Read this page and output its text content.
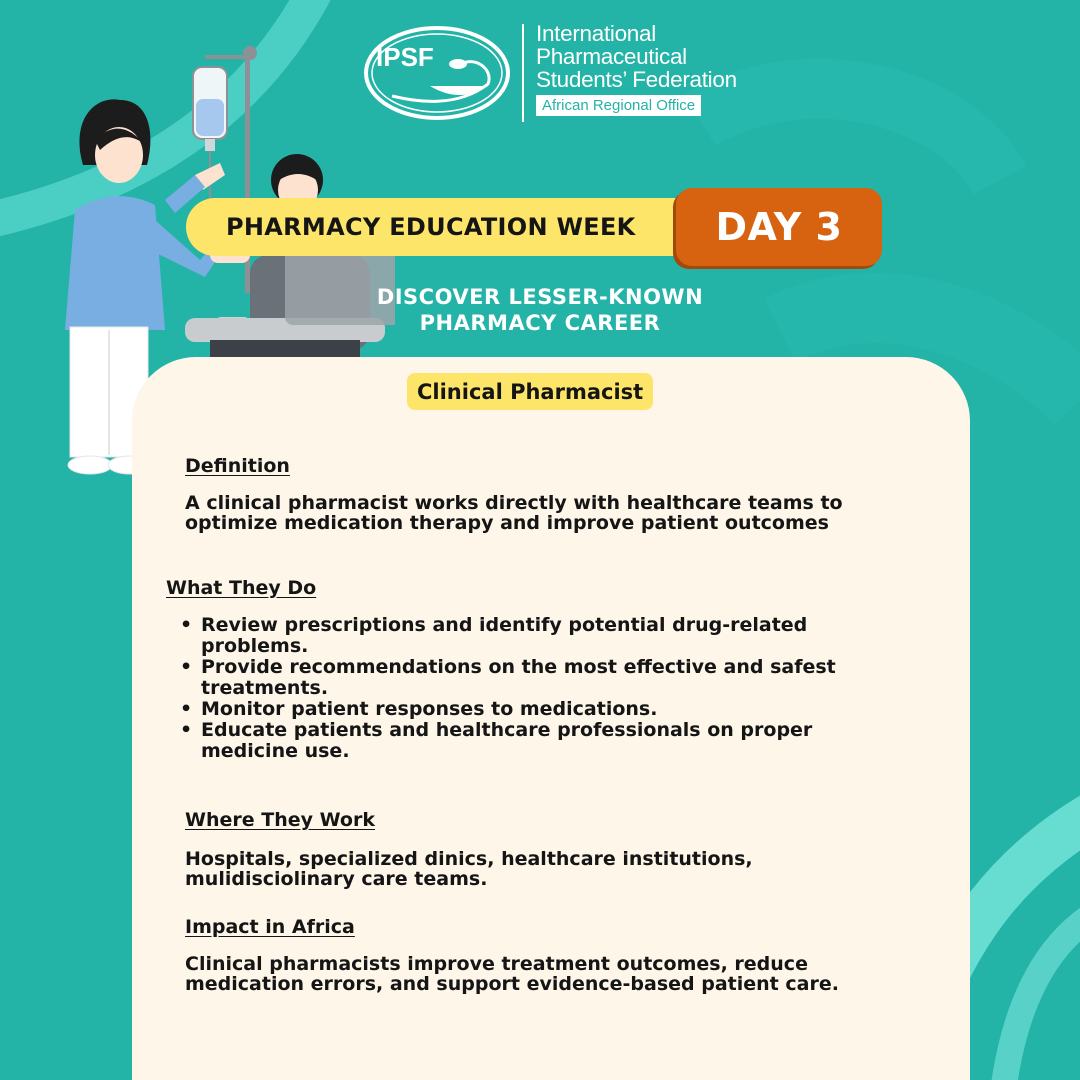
IPSF
International
Pharmaceutical
Students’ Federation
African Regional Office
PHARMACY EDUCATION WEEK DAY 3
DISCOVER LESSER-KNOWN
PHARMACY CAREER
Clinical Pharmacist
Definition
A clinical pharmacist works directly with healthcare teams to optimize medication therapy and improve patient outcomes
What They Do
• Review prescriptions and identify potential drug-related problems.
• Provide recommendations on the most effective and safest treatments.
• Monitor patient responses to medications.
• Educate patients and healthcare professionals on proper medicine use.
Where They Work
Hospitals, specialized dinics, healthcare institutions, mulidisciolinary care teams.
Impact in Africa
Clinical pharmacists improve treatment outcomes, reduce medication errors, and support evidence-based patient care.
